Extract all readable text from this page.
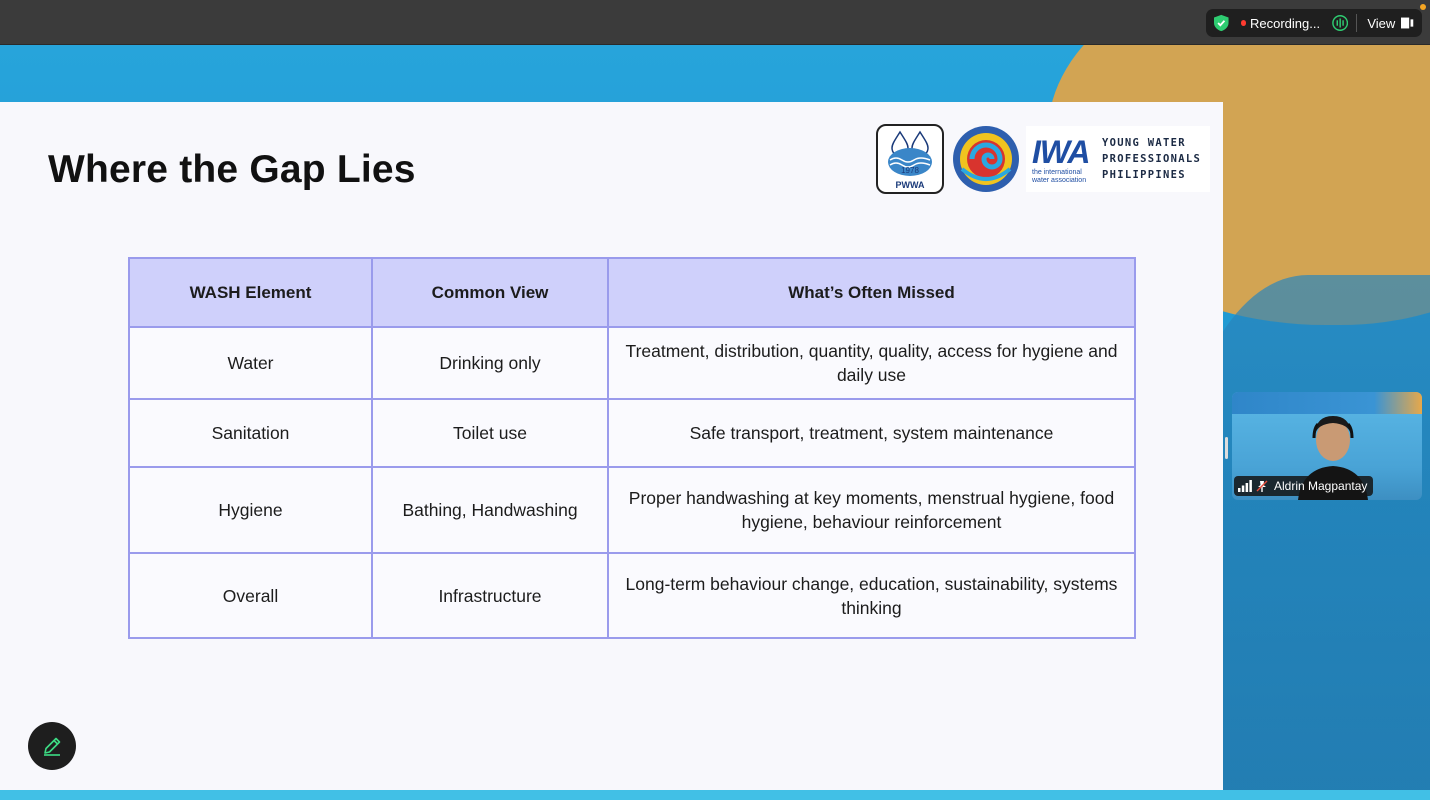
Recording...	View
Where the Gap Lies	1978
PWWA
IWA
the international
water association
YOUNG WATER
PROFESSIONALS
PHILIPPINES
WASH Element	Common View	What’s Often Missed
Water	Drinking only	Treatment, distribution, quantity, quality, access for hygiene and daily use
Sanitation	Toilet use	Safe transport, treatment, system maintenance
Hygiene	Bathing, Handwashing	Proper handwashing at key moments, menstrual hygiene, food hygiene, behaviour reinforcement
Overall	Infrastructure	Long-term behaviour change, education, sustainability, systems thinking
Aldrin Magpantay
